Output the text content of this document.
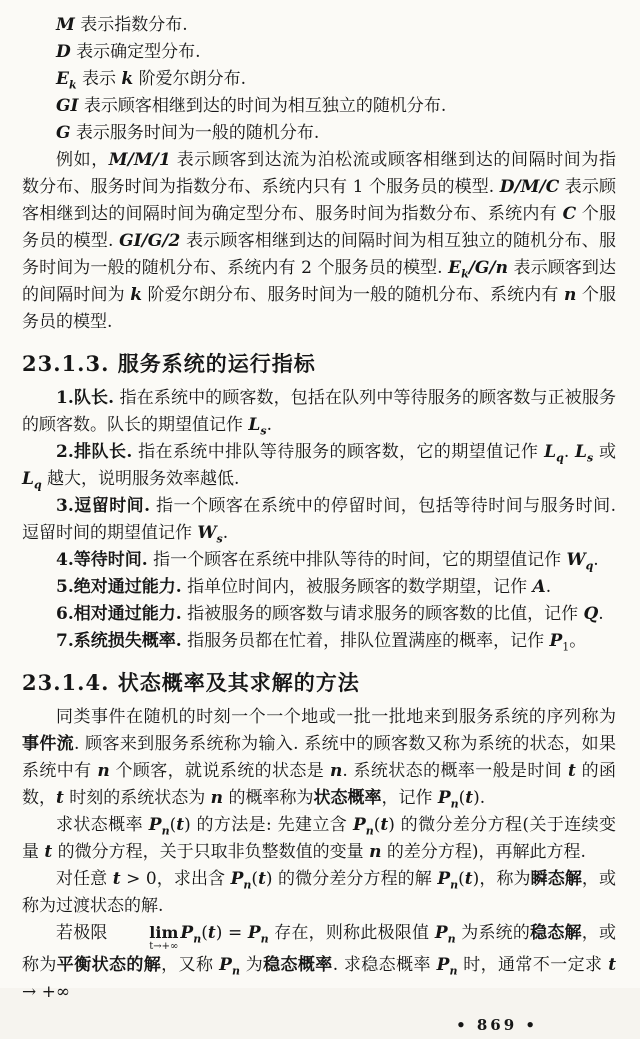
M 表示指数分布.

D 表示确定型分布.

$E_k$ 表示 k 阶爱尔朗分布.

GI 表示顾客相继到达的时间为相互独立的随机分布.

G 表示服务时间为一般的随机分布.

例如，M/M/1 表示顾客到达流为泊松流或顾客相继到达的间隔时间为指数分布、服务时间为指数分布、系统内只有 1 个服务员的模型. D/M/C 表示顾客相继到达的间隔时间为确定型分布、服务时间为指数分布、系统内有 C 个服务员的模型. GI/G/2 表示顾客相继到达的间隔时间为相互独立的随机分布、服务时间为一般的随机分布、系统内有 2 个服务员的模型. $E_k/G/n$ 表示顾客到达的间隔时间为 k 阶爱尔朗分布、服务时间为一般的随机分布、系统内有 n 个服务员的模型.

23.1.3. 服务系统的运行指标

1.队长. 指在系统中的顾客数，包括在队列中等待服务的顾客数与正被服务的顾客数。队长的期望值记作 $L_s$.

2.排队长. 指在系统中排队等待服务的顾客数，它的期望值记作 $L_q$. $L_s$ 或 $L_q$ 越大，说明服务效率越低.

3.逗留时间. 指一个顾客在系统中的停留时间，包括等待时间与服务时间. 逗留时间的期望值记作 $W_s$.

4.等待时间. 指一个顾客在系统中排队等待的时间，它的期望值记作 $W_q$.

5.绝对通过能力. 指单位时间内，被服务顾客的数学期望，记作 A.

6.相对通过能力. 指被服务的顾客数与请求服务的顾客数的比值，记作 Q.

7.系统损失概率. 指服务员都在忙着，排队位置满座的概率，记作 $P_1$。

23.1.4. 状态概率及其求解的方法

同类事件在随机的时刻一个一个地或一批一批地来到服务系统的序列称为事件流. 顾客来到服务系统称为输入. 系统中的顾客数又称为系统的状态，如果系统中有 n 个顾客，就说系统的状态是 n. 系统状态的概率一般是时间 t 的函数，t 时刻的系统状态为 n 的概率称为状态概率，记作 $P_n(t)$.

求状态概率 $P_n(t)$ 的方法是: 先建立含 $P_n(t)$ 的微分差分方程(关于连续变量 t 的微分方程，关于只取非负整数值的变量 n 的差分方程)，再解此方程.

对任意 t > 0，求出含 $P_n(t)$ 的微分差分方程的解 $P_n(t)$，称为瞬态解，或称为过渡状态的解.

若极限	lim
t→+∞
$P_n(t) = P_n$ 存在，则称此极限值 $P_n$ 为系统的稳态解，或称为平衡状态的解，又称 $P_n$ 为稳态概率. 求稳态概率 $P_n$ 时，通常不一定求 t → +∞

• 869 •
